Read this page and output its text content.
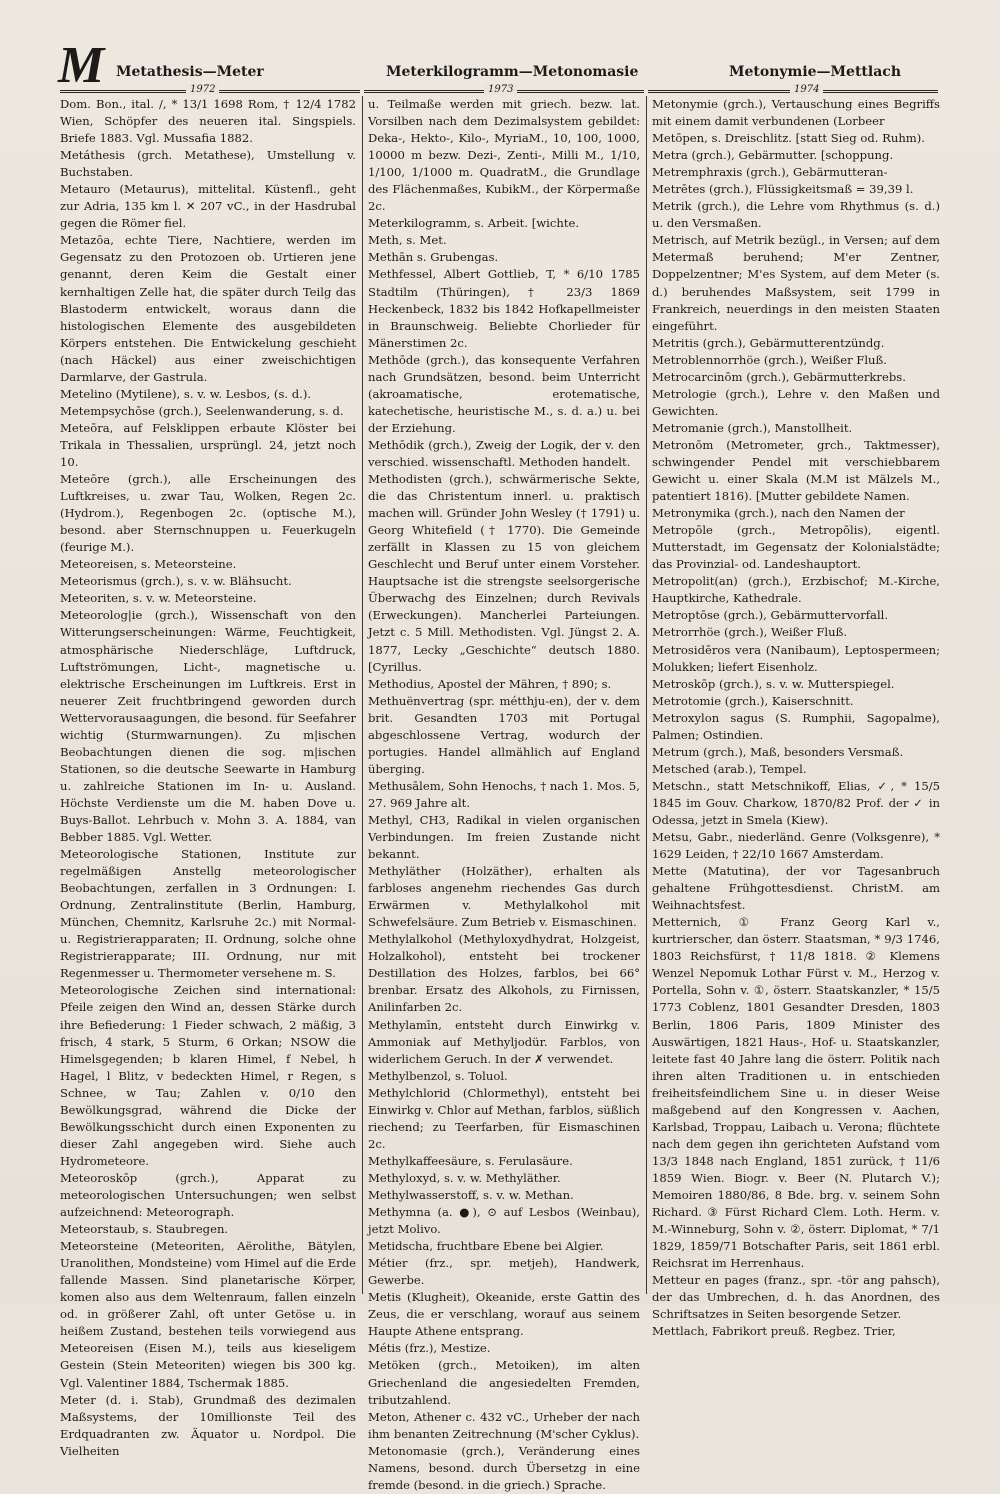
M Metathesis—Meter	Meterkilogramm—Metonomasie	Metonymie—Mettlach
1972	1973	1974

Dom. Bon., ital. /, * 13/1 1698 Rom, † 12/4 1782 Wien, Schöpfer des neueren ital. Singspiels. Briefe 1883. Vgl. Mussafia 1882.

Metáthesis (grch. Metathese), Umstellung v. Buchstaben.

Metauro (Metaurus), mittelital. Küstenfl., geht zur Adria, 135 km l. ✕ 207 vC., in der Hasdrubal gegen die Römer fiel.

Metazōa, echte Tiere, Nachtiere, werden im Gegensatz zu den Protozoen ob. Urtieren jene genannt, deren Keim die Gestalt einer kernhaltigen Zelle hat, die später durch Teilg das Blastoderm entwickelt, woraus dann die histologischen Elemente des ausgebildeten Körpers entstehen. Die Entwickelung geschieht (nach Häckel) aus einer zweischichtigen Darmlarve, der Gastrula.

Metelino (Mytilene), s. v. w. Lesbos, (s. d.).

Metempsychōse (grch.), Seelenwanderung, s. d.

Meteōra, auf Felsklippen erbaute Klöster bei Trikala in Thessalien, ursprüngl. 24, jetzt noch 10.

Meteōre (grch.), alle Erscheinungen des Luftkreises, u. zwar Tau, Wolken, Regen 2c. (Hydrom.), Regenbogen 2c. (optische M.), besond. aber Sternschnuppen u. Feuerkugeln (feurige M.).

Meteoreisen, s. Meteorsteine.

Meteorismus (grch.), s. v. w. Blähsucht.

Meteoriten, s. v. w. Meteorsteine.

Meteorolog|ie (grch.), Wissenschaft von den Witterungserscheinungen: Wärme, Feuchtigkeit, atmosphärische Niederschläge, Luftdruck, Luftströmungen, Licht-, magnetische u. elektrische Erscheinungen im Luftkreis. Erst in neuerer Zeit fruchtbringend geworden durch Wettervorausaagungen, die besond. für Seefahrer wichtig (Sturmwarnungen). Zu m|ischen Beobachtungen dienen die sog. m|ischen Stationen, so die deutsche Seewarte in Hamburg u. zahlreiche Stationen im In- u. Ausland. Höchste Verdienste um die M. haben Dove u. Buys-Ballot. Lehrbuch v. Mohn 3. A. 1884, van Bebber 1885. Vgl. Wetter.

Meteorologische Stationen, Institute zur regelmäßigen Anstellg meteorologischer Beobachtungen, zerfallen in 3 Ordnungen: I. Ordnung, Zentralinstitute (Berlin, Hamburg, München, Chemnitz, Karlsruhe 2c.) mit Normal- u. Registrierapparaten; II. Ordnung, solche ohne Registrierapparate; III. Ordnung, nur mit Regenmesser u. Thermometer versehene m. S.

Meteorologische Zeichen sind international: Pfeile zeigen den Wind an, dessen Stärke durch ihre Befiederung: 1 Fieder schwach, 2 mäßig, 3 frisch, 4 stark, 5 Sturm, 6 Orkan; NSOW die Himelsgegenden; b klaren Himel, f Nebel, h Hagel, l Blitz, v bedeckten Himel, r Regen, s Schnee, w Tau; Zahlen v. 0/10 den Bewölkungsgrad, während die Dicke der Bewölkungsschicht durch einen Exponenten zu dieser Zahl angegeben wird. Siehe auch Hydrometeore.

Meteoroskōp (grch.), Apparat zu meteorologischen Untersuchungen; wen selbst aufzeichnend: Meteorograph.

Meteorstaub, s. Staubregen.

Meteorsteine (Meteoriten, Aërolithe, Bätylen, Uranolithen, Mondsteine) vom Himel auf die Erde fallende Massen. Sind planetarische Körper, komen also aus dem Weltenraum, fallen einzeln od. in größerer Zahl, oft unter Getöse u. in heißem Zustand, bestehen teils vorwiegend aus Meteoreisen (Eisen M.), teils aus kieseligem Gestein (Stein Meteoriten) wiegen bis 300 kg. Vgl. Valentiner 1884, Tschermak 1885.

Meter (d. i. Stab), Grundmaß des dezimalen Maßsystems, der 10millionste Teil des Erdquadranten zw. Äquator u. Nordpol. Die Vielheiten

u. Teilmaße werden mit griech. bezw. lat. Vorsilben nach dem Dezimalsystem gebildet: Deka-, Hekto-, Kilo-, MyriaM., 10, 100, 1000, 10000 m bezw. Dezi-, Zenti-, Milli M., 1/10, 1/100, 1/1000 m. QuadratM., die Grundlage des Flächenmaßes, KubikM., der Körpermaße 2c.

Meterkilogramm, s. Arbeit. [wichte.

Meth, s. Met.

Methān s. Grubengas.

Methfessel, Albert Gottlieb, T, * 6/10 1785 Stadtilm (Thüringen), † 23/3 1869 Heckenbeck, 1832 bis 1842 Hofkapellmeister in Braunschweig. Beliebte Chorlieder für Mänerstimen 2c.

Methōde (grch.), das konsequente Verfahren nach Grundsätzen, besond. beim Unterricht (akroamatische, erotematische, katechetische, heuristische M., s. d. a.) u. bei der Erziehung.

Methōdik (grch.), Zweig der Logik, der v. den verschied. wissenschaftl. Methoden handelt.

Methodisten (grch.), schwärmerische Sekte, die das Christentum innerl. u. praktisch machen will. Gründer John Wesley († 1791) u. Georg Whitefield († 1770). Die Gemeinde zerfällt in Klassen zu 15 von gleichem Geschlecht und Beruf unter einem Vorsteher. Hauptsache ist die strengste seelsorgerische Überwachg des Einzelnen; durch Revivals (Erweckungen). Mancherlei Parteiungen. Jetzt c. 5 Mill. Methodisten. Vgl. Jüngst 2. A. 1877, Lecky „Geschichte“ deutsch 1880. [Cyrillus.

Methodius, Apostel der Mähren, † 890; s.

Methuënvertrag (spr. métthju-en), der v. dem brit. Gesandten 1703 mit Portugal abgeschlossene Vertrag, wodurch der portugies. Handel allmählich auf England überging.

Methusālem, Sohn Henochs, † nach 1. Mos. 5, 27. 969 Jahre alt.

Methyl, CH3, Radikal in vielen organischen Verbindungen. Im freien Zustande nicht bekannt.

Methyläther (Holzäther), erhalten als farbloses angenehm riechendes Gas durch Erwärmen v. Methylalkohol mit Schwefelsäure. Zum Betrieb v. Eismaschinen.

Methylalkohol (Methyloxydhydrat, Holzgeist, Holzalkohol), entsteht bei trockener Destillation des Holzes, farblos, bei 66° brenbar. Ersatz des Alkohols, zu Firnissen, Anilinfarben 2c.

Methylamīn, entsteht durch Einwirkg v. Ammoniak auf Methyljodür. Farblos, von widerlichem Geruch. In der ✗ verwendet.

Methylbenzol, s. Toluol.

Methylchlorid (Chlormethyl), entsteht bei Einwirkg v. Chlor auf Methan, farblos, süßlich riechend; zu Teerfarben, für Eismaschinen 2c.

Methylkaffeesäure, s. Ferulasäure.

Methyloxyd, s. v. w. Methyläther.

Methylwasserstoff, s. v. w. Methan.

Methymna (a. ●), ⊙ auf Lesbos (Weinbau), jetzt Molivo.

Metidscha, fruchtbare Ebene bei Algier.

Métier (frz., spr. metjeh), Handwerk, Gewerbe.

Metis (Klugheit), Okeanide, erste Gattin des Zeus, die er verschlang, worauf aus seinem Haupte Athene entsprang.

Métis (frz.), Mestize.

Metöken (grch., Metoiken), im alten Griechenland die angesiedelten Fremden, tributzahlend.

Meton, Athener c. 432 vC., Urheber der nach ihm benanten Zeitrechnung (M'scher Cyklus).

Metonomasie (grch.), Veränderung eines Namens, besond. durch Übersetzg in eine fremde (besond. in die griech.) Sprache.

Metonymie (grch.), Vertauschung eines Begriffs mit einem damit verbundenen (Lorbeer

Metōpen, s. Dreischlitz. [statt Sieg od. Ruhm).

Metra (grch.), Gebärmutter. [schoppung.

Metremphraxis (grch.), Gebärmutteran-

Metrētes (grch.), Flüssigkeitsmaß = 39,39 l.

Metrik (grch.), die Lehre vom Rhythmus (s. d.) u. den Versmaßen.

Metrisch, auf Metrik bezügl., in Versen; auf dem Metermaß beruhend; M'er Zentner, Doppelzentner; M'es System, auf dem Meter (s. d.) beruhendes Maßsystem, seit 1799 in Frankreich, neuerdings in den meisten Staaten eingeführt.

Metritis (grch.), Gebärmutterentzündg.

Metroblennorrhöe (grch.), Weißer Fluß.

Metrocarcinōm (grch.), Gebärmutterkrebs.

Metrologie (grch.), Lehre v. den Maßen und Gewichten.

Metromanie (grch.), Manstollheit.

Metronōm (Metrometer, grch., Taktmesser), schwingender Pendel mit verschiebbarem Gewicht u. einer Skala (M.M ist Mälzels M., patentiert 1816). [Mutter gebildete Namen.

Metronymika (grch.), nach den Namen der

Metropōle (grch., Metropŏlis), eigentl. Mutterstadt, im Gegensatz der Kolonialstädte; das Provinzial- od. Landeshauptort.

Metropolit(an) (grch.), Erzbischof; M.-Kirche, Hauptkirche, Kathedrale.

Metroptōse (grch.), Gebärmuttervorfall.

Metrorrhöe (grch.), Weißer Fluß.

Metrosidēros vera (Nanibaum), Leptospermeen; Molukken; liefert Eisenholz.

Metroskōp (grch.), s. v. w. Mutterspiegel.

Metrotomie (grch.), Kaiserschnitt.

Metroxylon sagus (S. Rumphii, Sagopalme), Palmen; Ostindien.

Metrum (grch.), Maß, besonders Versmaß.

Metsched (arab.), Tempel.

Metschn., statt Metschnikoff, Elias, ✓, * 15/5 1845 im Gouv. Charkow, 1870/82 Prof. der ✓ in Odessa, jetzt in Smela (Kiew).

Metsu, Gabr., niederländ. Genre (Volksgenre), * 1629 Leiden, † 22/10 1667 Amsterdam.

Mette (Matutina), der vor Tagesanbruch gehaltene Frühgottesdienst. ChristM. am Weihnachtsfest.

Metternich, ① Franz Georg Karl v., kurtrierscher, dan österr. Staatsman, * 9/3 1746, 1803 Reichsfürst, † 11/8 1818. ② Klemens Wenzel Nepomuk Lothar Fürst v. M., Herzog v. Portella, Sohn v. ①, österr. Staatskanzler, * 15/5 1773 Coblenz, 1801 Gesandter Dresden, 1803 Berlin, 1806 Paris, 1809 Minister des Auswärtigen, 1821 Haus-, Hof- u. Staatskanzler, leitete fast 40 Jahre lang die österr. Politik nach ihren alten Traditionen u. in entschieden freiheitsfeindlichem Sine u. in dieser Weise maßgebend auf den Kongressen v. Aachen, Karlsbad, Troppau, Laibach u. Verona; flüchtete nach dem gegen ihn gerichteten Aufstand vom 13/3 1848 nach England, 1851 zurück, † 11/6 1859 Wien. Biogr. v. Beer (N. Plutarch V.); Memoiren 1880/86, 8 Bde. brg. v. seinem Sohn Richard. ③ Fürst Richard Clem. Loth. Herm. v. M.-Winneburg, Sohn v. ②, österr. Diplomat, * 7/1 1829, 1859/71 Botschafter Paris, seit 1861 erbl. Reichsrat im Herrenhaus.

Metteur en pages (franz., spr. -tör ang pahsch), der das Umbrechen, d. h. das Anordnen, des Schriftsatzes in Seiten besorgende Setzer.

Mettlach, Fabrikort preuß. Regbez. Trier,
